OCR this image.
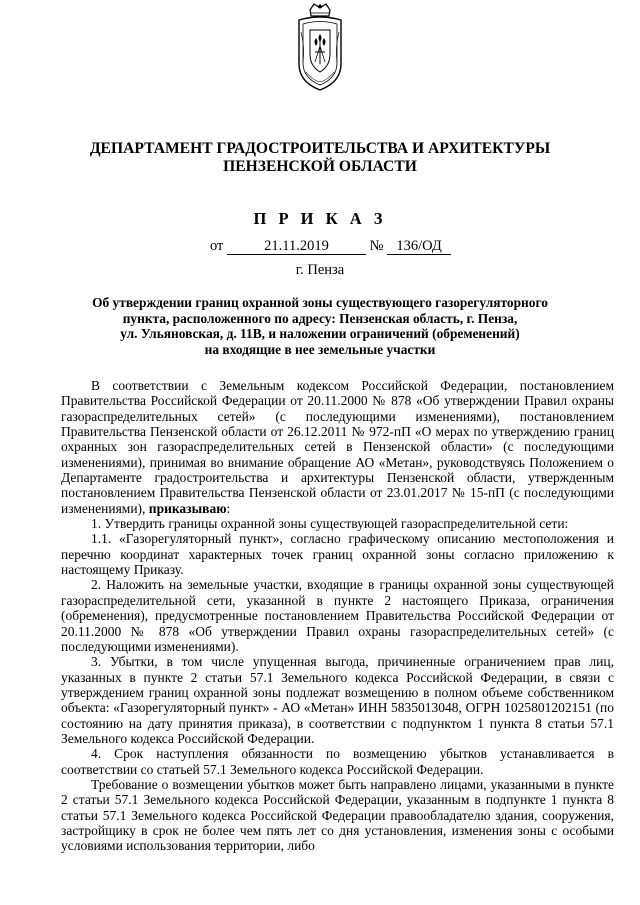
ДЕПАРТАМЕНТ ГРАДОСТРОИТЕЛЬСТВА И АРХИТЕКТУРЫ
ПЕНЗЕНСКОЙ ОБЛАСТИ
П Р И К А З
от	21.11.2019	№ 136/ОД
г. Пенза
Об утверждении границ охранной зоны существующего газорегуляторного
пункта, расположенного по адресу: Пензенская область, г. Пенза,
ул. Ульяновская, д. 11В, и наложении ограничений (обременений)
на входящие в нее земельные участки

В соответствии с Земельным кодексом Российской Федерации, постановлением Правительства Российской Федерации от 20.11.2000 № 878 «Об утверждении Правил охраны газораспределительных сетей» (с последующими изменениями), постановлением Правительства Пензенской области от 26.12.2011 № 972-пП «О мерах по утверждению границ охранных зон газораспределительных сетей в Пензенской области» (с последующими изменениями), принимая во внимание обращение АО «Метан», руководствуясь Положением о Департаменте градостроительства и архитектуры Пензенской области, утвержденным постановлением Правительства Пензенской области от 23.01.2017 № 15-пП (с последующими изменениями), приказываю:

1. Утвердить границы охранной зоны существующей газораспределительной сети:

1.1. «Газорегуляторный пункт», согласно графическому описанию местоположения и перечню координат характерных точек границ охранной зоны согласно приложению к настоящему Приказу.

2. Наложить на земельные участки, входящие в границы охранной зоны существующей газораспределительной сети, указанной в пункте 2 настоящего Приказа, ограничения (обременения), предусмотренные постановлением Правительства Российской Федерации от 20.11.2000 № 878 «Об утверждении Правил охраны газораспределительных сетей» (с последующими изменениями).

3. Убытки, в том числе упущенная выгода, причиненные ограничением прав лиц, указанных в пункте 2 статьи 57.1 Земельного кодекса Российской Федерации, в связи с утверждением границ охранной зоны подлежат возмещению в полном объеме собственником объекта: «Газорегуляторный пункт» - АО «Метан» ИНН 5835013048, ОГРН 1025801202151 (по состоянию на дату принятия приказа), в соответствии с подпунктом 1 пункта 8 статьи 57.1 Земельного кодекса Российской Федерации.

4. Срок наступления обязанности по возмещению убытков устанавливается в соответствии со статьей 57.1 Земельного кодекса Российской Федерации.

Требование о возмещении убытков может быть направлено лицами, указанными в пункте 2 статьи 57.1 Земельного кодекса Российской Федерации, указанным в подпункте 1 пункта 8 статьи 57.1 Земельного кодекса Российской Федерации правообладателю здания, сооружения, застройщику в срок не более чем пять лет со дня установления, изменения зоны с особыми условиями использования территории, либо
